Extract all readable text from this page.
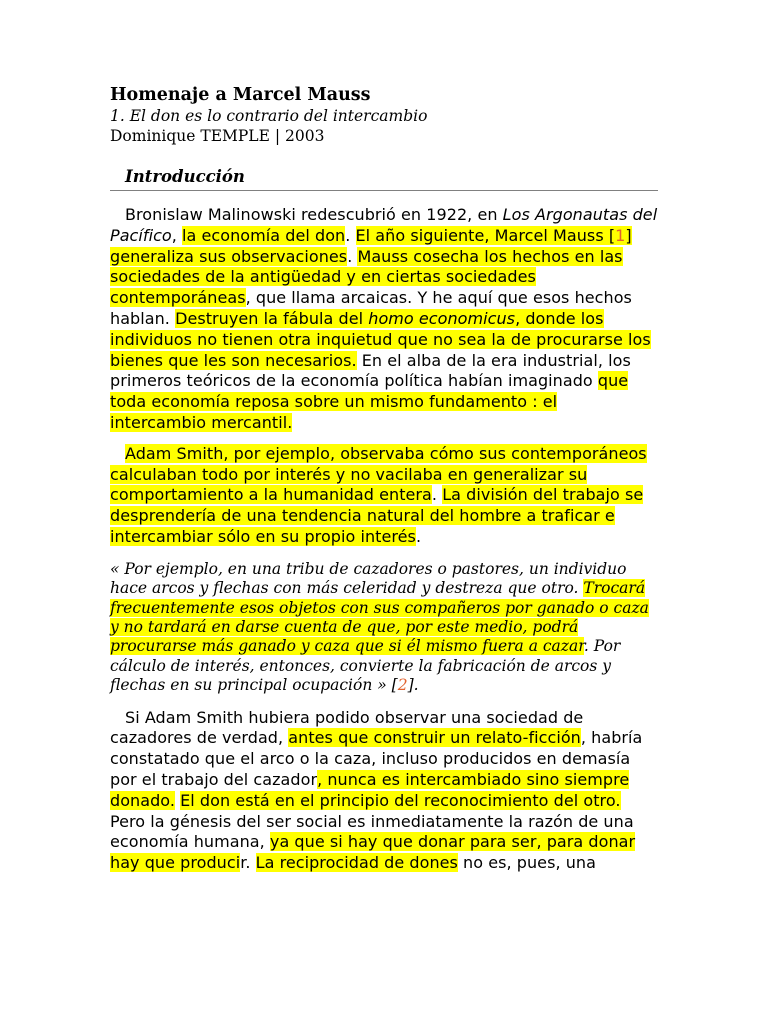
Homenaje a Marcel Mauss

1. El don es lo contrario del intercambio

Dominique TEMPLE | 2003

Introducción

Bronislaw Malinowski redescubrió en 1922, en Los Argonautas del Pacífico, la economía del don. El año siguiente, Marcel Mauss [1] generaliza sus observaciones. Mauss cosecha los hechos en las sociedades de la antigüedad y en ciertas sociedades contemporáneas, que llama arcaicas. Y he aquí que esos hechos hablan. Destruyen la fábula del homo economicus, donde los individuos no tienen otra inquietud que no sea la de procurarse los bienes que les son necesarios. En el alba de la era industrial, los primeros teóricos de la economía política habían imaginado que toda economía reposa sobre un mismo fundamento : el intercambio mercantil.

Adam Smith, por ejemplo, observaba cómo sus contemporáneos calculaban todo por interés y no vacilaba en generalizar su comportamiento a la humanidad entera. La división del trabajo se desprendería de una tendencia natural del hombre a traficar e intercambiar sólo en su propio interés.

« Por ejemplo, en una tribu de cazadores o pastores, un individuo hace arcos y flechas con más celeridad y destreza que otro. Trocará frecuentemente esos objetos con sus compañeros por ganado o caza y no tardará en darse cuenta de que, por este medio, podrá procurarse más ganado y caza que si él mismo fuera a cazar. Por cálculo de interés, entonces, convierte la fabricación de arcos y flechas en su principal ocupación » [2].

Si Adam Smith hubiera podido observar una sociedad de cazadores de verdad, antes que construir un relato-ficción, habría constatado que el arco o la caza, incluso producidos en demasía por el trabajo del cazador, nunca es intercambiado sino siempre donado. El don está en el principio del reconocimiento del otro. Pero la génesis del ser social es inmediatamente la razón de una economía humana, ya que si hay que donar para ser, para donar hay que producir. La reciprocidad de dones no es, pues, una
